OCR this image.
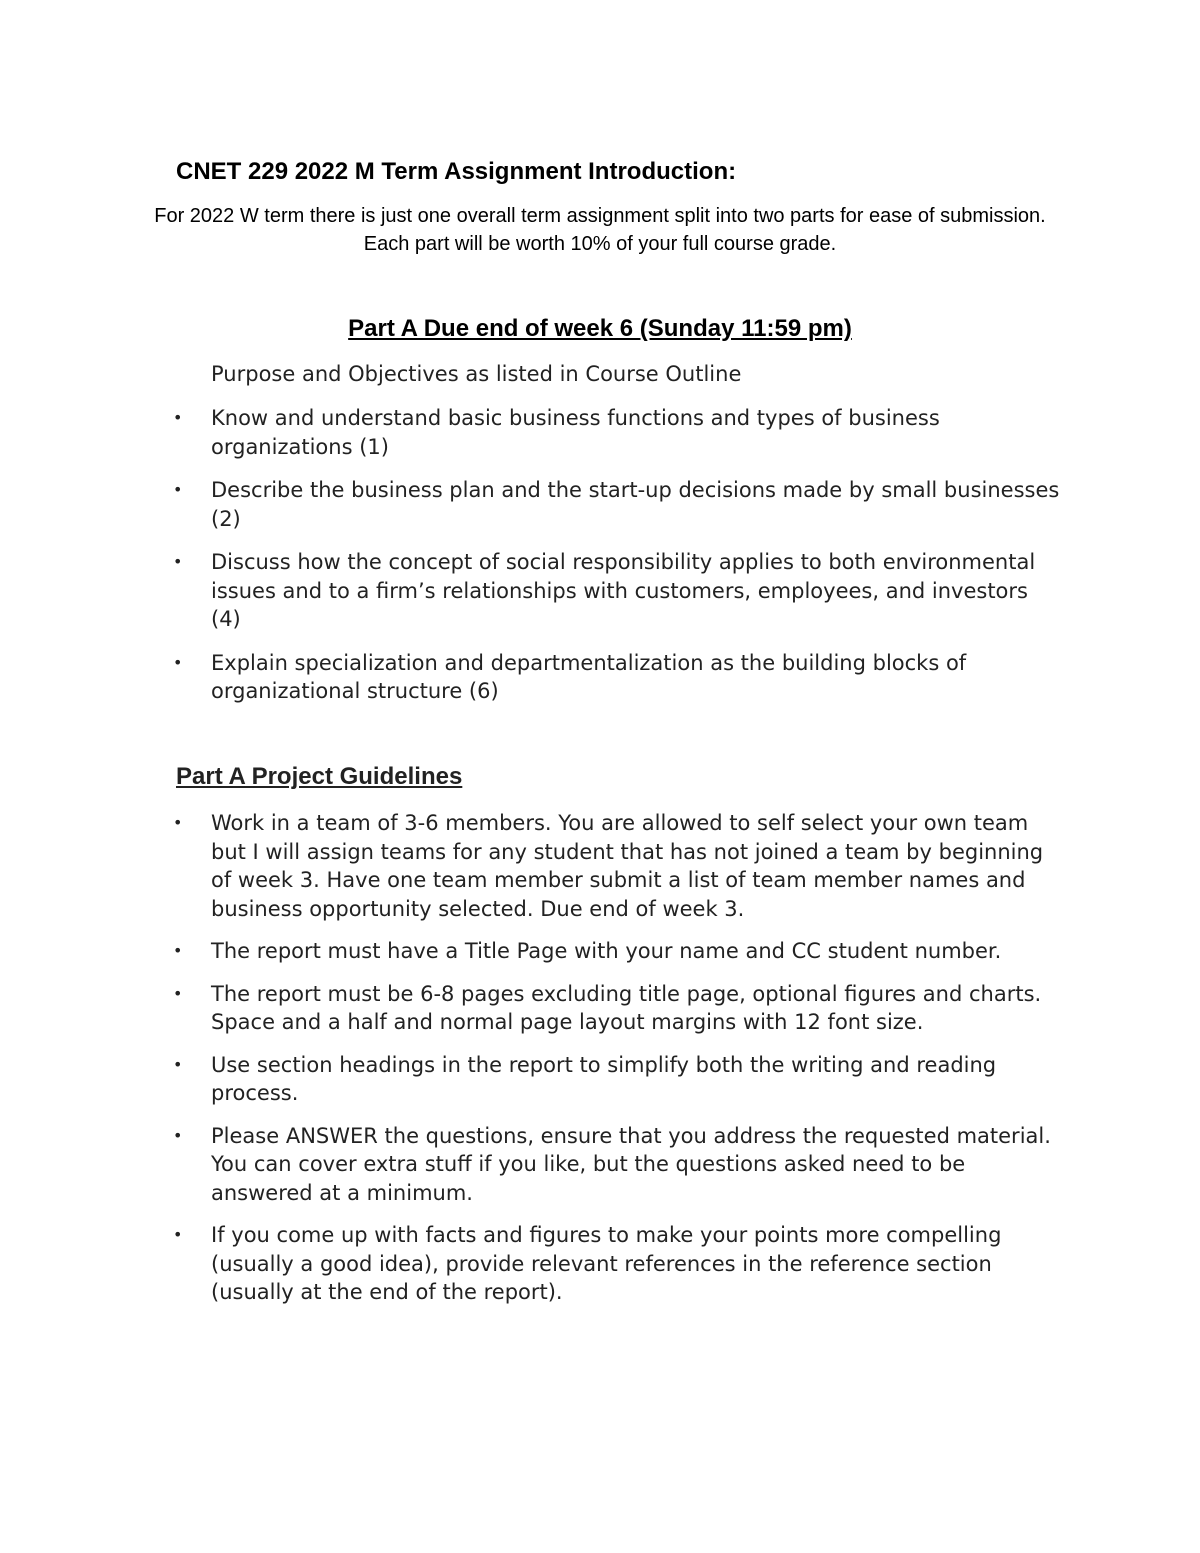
CNET 229 2022 M Term Assignment Introduction:

For 2022 W term there is just one overall term assignment split into two parts for ease of submission. Each part will be worth 10% of your full course grade.

Part A Due end of week 6 (Sunday 11:59 pm)

Purpose and Objectives as listed in Course Outline

• Know and understand basic business functions and types of business organizations (1)
• Describe the business plan and the start-up decisions made by small businesses (2)
• Discuss how the concept of social responsibility applies to both environmental issues and to a firm’s relationships with customers, employees, and investors (4)
• Explain specialization and departmentalization as the building blocks of organizational structure (6)
Part A Project Guidelines
• Work in a team of 3-6 members. You are allowed to self select your own team but I will assign teams for any student that has not joined a team by beginning of week 3. Have one team member submit a list of team member names and business opportunity selected. Due end of week 3.
• The report must have a Title Page with your name and CC student number.
• The report must be 6-8 pages excluding title page, optional figures and charts. Space and a half and normal page layout margins with 12 font size.
• Use section headings in the report to simplify both the writing and reading process.
• Please ANSWER the questions, ensure that you address the requested material. You can cover extra stuff if you like, but the questions asked need to be answered at a minimum.
• If you come up with facts and figures to make your points more compelling (usually a good idea), provide relevant references in the reference section (usually at the end of the report).
